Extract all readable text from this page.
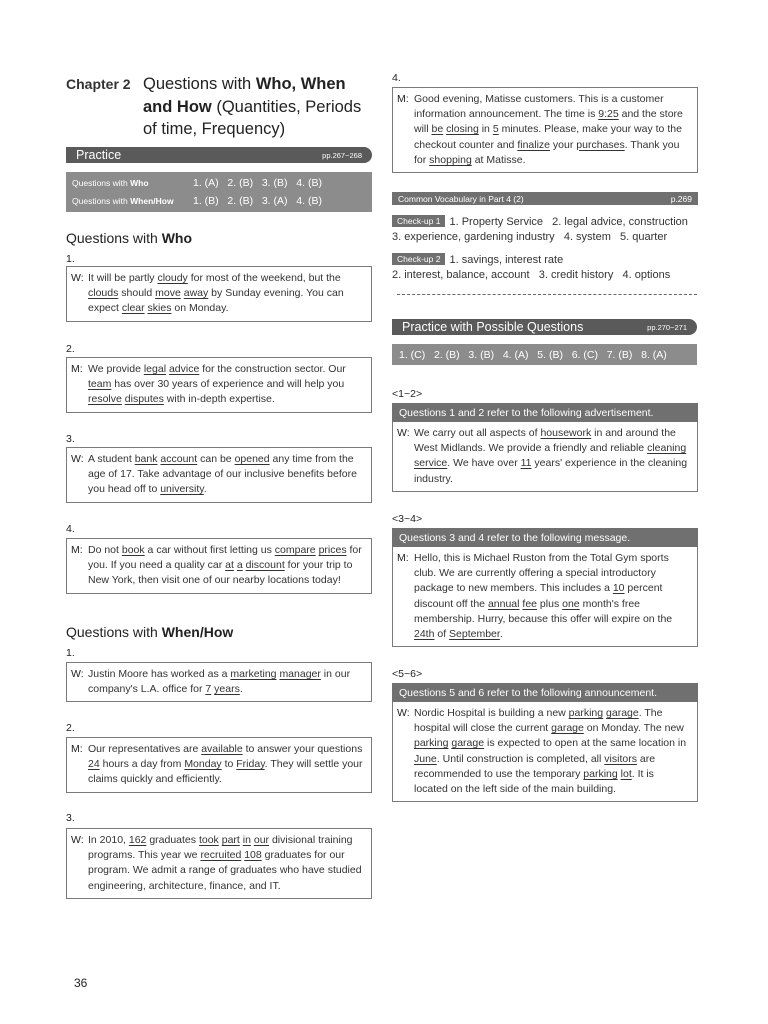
Chapter 2 Questions with Who, When
and How (Quantities, Periods
of time, Frequency)
Practice	pp.267~268
Questions with Who	1. (A)   2. (B)   3. (B)   4. (B)
Questions with When/How	1. (B)   2. (B)   3. (A)   4. (B)
Questions with Who
1.
W: It will be partly cloudy for most of the weekend, but the clouds should move away by Sunday evening. You can expect clear skies on Monday.
2.
M: We provide legal advice for the construction sector. Our team has over 30 years of experience and will help you resolve disputes with in-depth expertise.
3.
W: A student bank account can be opened any time from the age of 17. Take advantage of our inclusive benefits before you head off to university.
4.
M: Do not book a car without first letting us compare prices for you. If you need a quality car at a discount for your trip to New York, then visit one of our nearby locations today!
Questions with When/How
1.
W: Justin Moore has worked as a marketing manager in our company's L.A. office for 7 years.
2.
M: Our representatives are available to answer your questions 24 hours a day from Monday to Friday. They will settle your claims quickly and efficiently.
3.
W: In 2010, 162 graduates took part in our divisional training programs. This year we recruited 108 graduates for our program. We admit a range of graduates who have studied engineering, architecture, finance, and IT.
36
4.
M: Good evening, Matisse customers. This is a customer information announcement. The time is 9:25 and the store will be closing in 5 minutes. Please, make your way to the checkout counter and finalize your purchases. Thank you for shopping at Matisse.
Common Vocabulary in Part 4 (2)	p.269
Check-up 1 1. Property Service   2. legal advice, construction
3. experience, gardening industry   4. system   5. quarter
Check-up 2 1. savings, interest rate
2. interest, balance, account   3. credit history   4. options
Practice with Possible Questions	pp.270~271
1. (C)   2. (B)   3. (B)   4. (A)   5. (B)   6. (C)   7. (B)   8. (A)
<1~2>
Questions 1 and 2 refer to the following advertisement.
W: We carry out all aspects of housework in and around the West Midlands. We provide a friendly and reliable cleaning service. We have over 11 years' experience in the cleaning industry.
<3~4>
Questions 3 and 4 refer to the following message.
M: Hello, this is Michael Ruston from the Total Gym sports club. We are currently offering a special introductory package to new members. This includes a 10 percent discount off the annual fee plus one month's free membership. Hurry, because this offer will expire on the 24th of September.
<5~6>
Questions 5 and 6 refer to the following announcement.
W: Nordic Hospital is building a new parking garage. The hospital will close the current garage on Monday. The new parking garage is expected to open at the same location in June. Until construction is completed, all visitors are recommended to use the temporary parking lot. It is located on the left side of the main building.
